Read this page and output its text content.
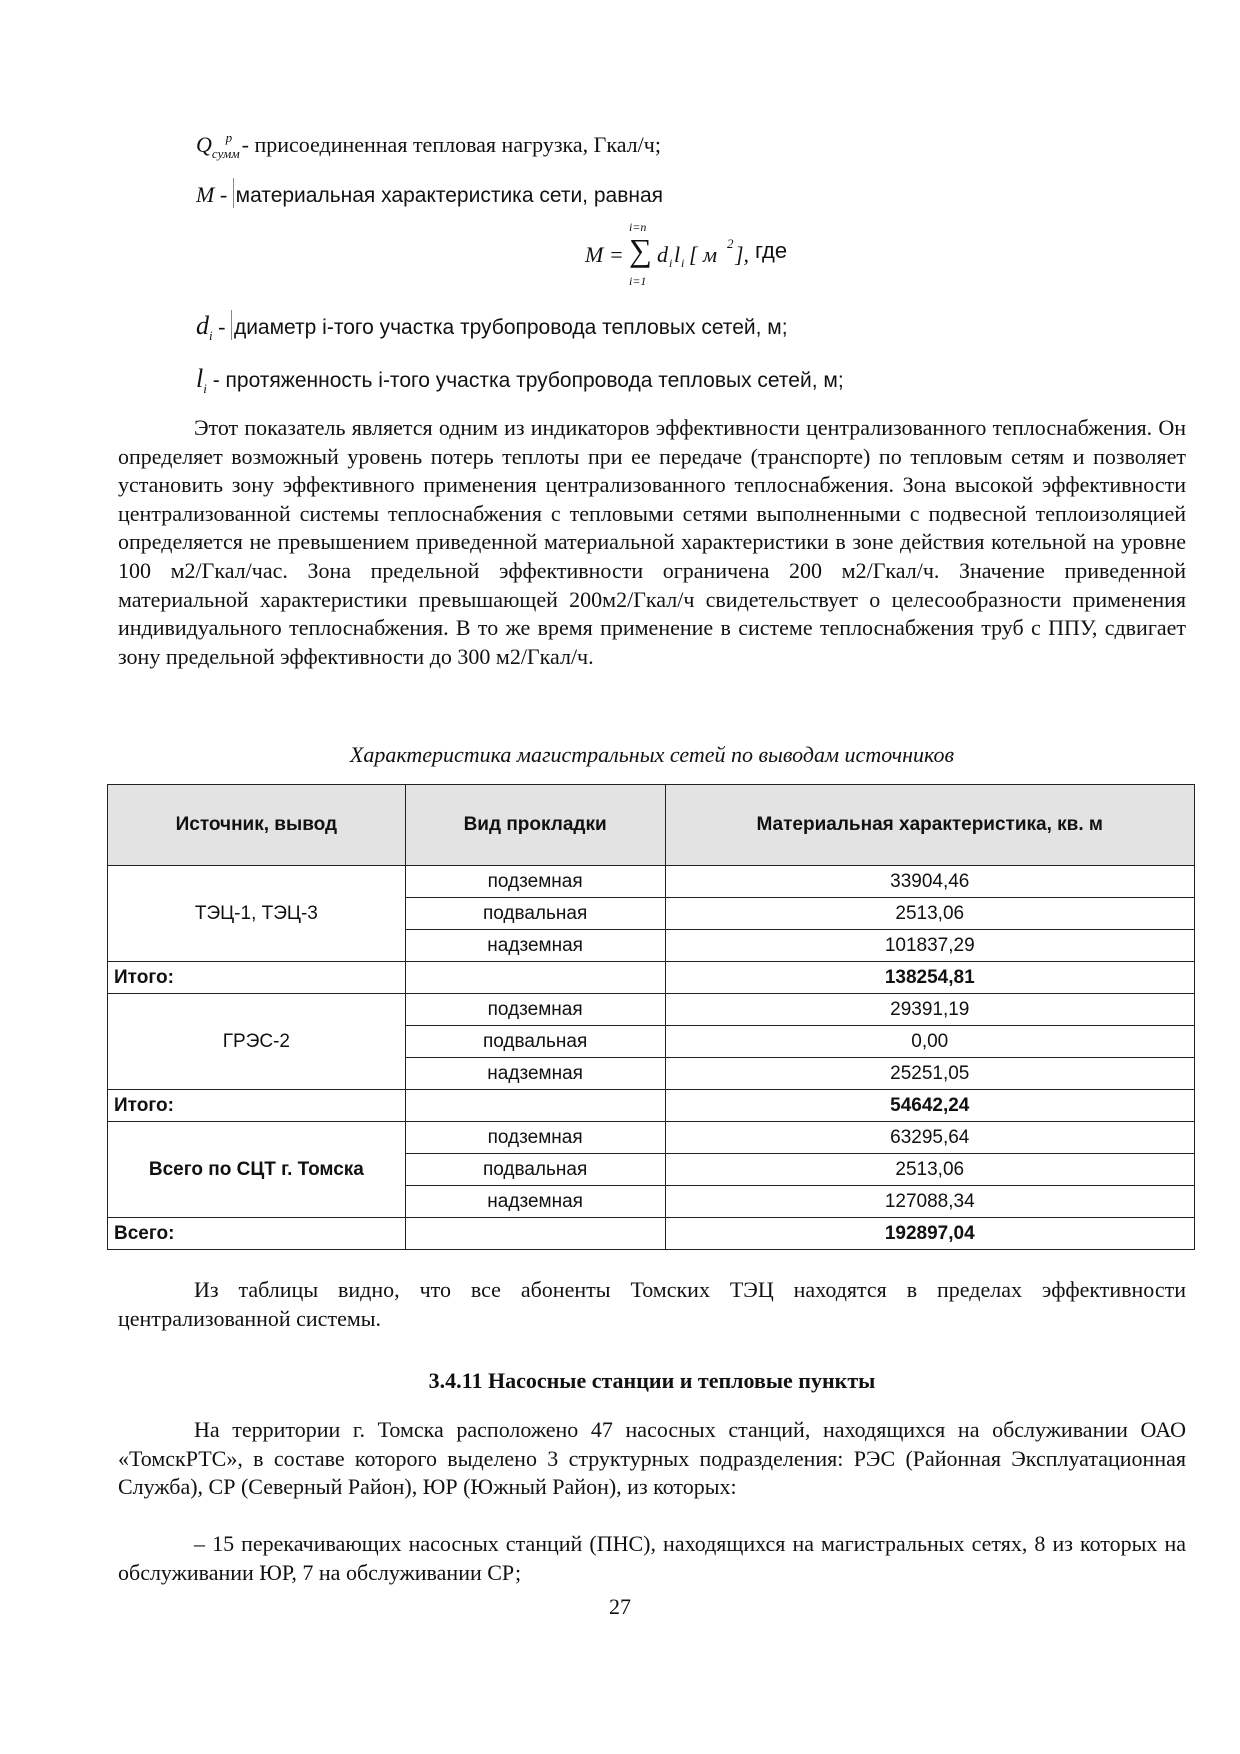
$Q_{сумм}^p$ - присоединенная тепловая нагрузка, Гкал/ч;
M - материальная характеристика сети, равная
M =
i=n
∑
i=1
d i l i [ м 2 ], где
$d_i$ - диаметр i-того участка трубопровода тепловых сетей, м;
$l_i$ - протяженность i-того участка трубопровода тепловых сетей, м;

Этот показатель является одним из индикаторов эффективности централизованного теплоснабжения. Он определяет возможный уровень потерь теплоты при ее передаче (транспорте) по тепловым сетям и позволяет установить зону эффективного применения централизованного теплоснабжения. Зона высокой эффективности централизованной системы теплоснабжения с тепловыми сетями выполненными с подвесной теплоизоляцией определяется не превышением приведенной материальной характеристики в зоне действия котельной на уровне 100 м2/Гкал/час. Зона предельной эффективности ограничена 200 м2/Гкал/ч. Значение приведенной материальной характеристики превышающей 200м2/Гкал/ч свидетельствует о целесообразности применения индивидуального теплоснабжения. В то же время применение в системе теплоснабжения труб с ППУ, сдвигает зону предельной эффективности до 300 м2/Гкал/ч.

Характеристика магистральных сетей по выводам источников
Источник, вывод	Вид прокладки	Материальная характеристика, кв. м
ТЭЦ-1, ТЭЦ-3	подземная	33904,46
	подвальная	2513,06
	надземная	101837,29
Итого:		138254,81
ГРЭС-2	подземная	29391,19
	подвальная	0,00
	надземная	25251,05
Итого:		54642,24
Всего по СЦТ г. Томска	подземная	63295,64
	подвальная	2513,06
	надземная	127088,34
Всего:		192897,04

Из таблицы видно, что все абоненты Томских ТЭЦ находятся в пределах эффективности централизованной системы.

3.4.11 Насосные станции и тепловые пункты

На территории г. Томска расположено 47 насосных станций, находящихся на обслуживании ОАО «ТомскРТС», в составе которого выделено 3 структурных подразделения: РЭС (Районная Эксплуатационная Служба), СР (Северный Район), ЮР (Южный Район), из которых:

– 15 перекачивающих насосных станций (ПНС), находящихся на магистральных сетях, 8 из которых на обслуживании ЮР, 7 на обслуживании СР;

27
